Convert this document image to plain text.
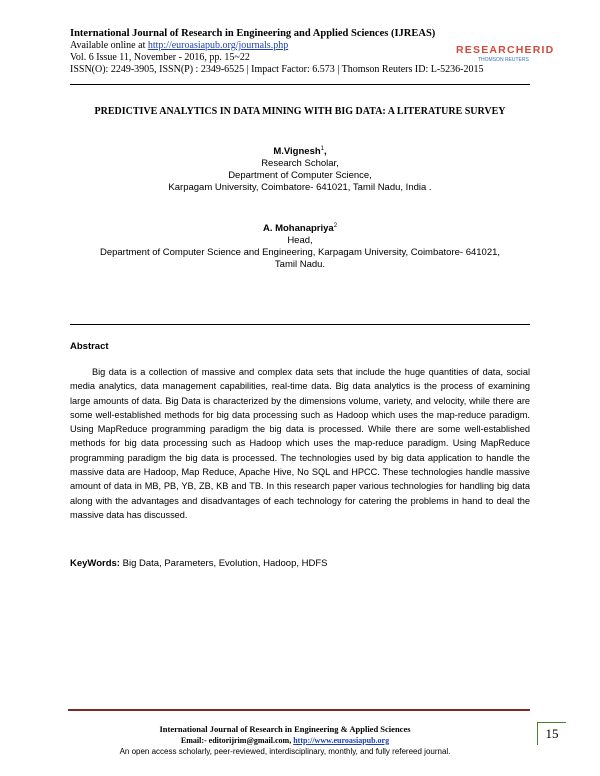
International Journal of Research in Engineering and Applied Sciences (IJREAS)
Available online at http://euroasiapub.org/journals.php
Vol. 6 Issue 11, November - 2016, pp. 15~22
ISSN(O): 2249-3905, ISSN(P) : 2349-6525 | Impact Factor: 6.573 | Thomson Reuters ID: L-5236-2015
RESEARCHERID
THOMSON REUTERS
PREDICTIVE ANALYTICS IN DATA MINING WITH BIG DATA: A LITERATURE SURVEY
M.Vignesh$^1$,
Research Scholar,
Department of Computer Science,
Karpagam University, Coimbatore- 641021, Tamil Nadu, India .
A. Mohanapriya$^2$
Head,
Department of Computer Science and Engineering, Karpagam University, Coimbatore- 641021,
Tamil Nadu.
Abstract

Big data is a collection of massive and complex data sets that include the huge quantities of data, social media analytics, data management capabilities, real-time data. Big data analytics is the process of examining large amounts of data. Big Data is characterized by the dimensions volume, variety, and velocity, while there are some well-established methods for big data processing such as Hadoop which uses the map-reduce paradigm. Using MapReduce programming paradigm the big data is processed. While there are some well-established methods for big data processing such as Hadoop which uses the map-reduce paradigm. Using MapReduce programming paradigm the big data is processed. The technologies used by big data application to handle the massive data are Hadoop, Map Reduce, Apache Hive, No SQL and HPCC. These technologies handle massive amount of data in MB, PB, YB, ZB, KB and TB. In this research paper various technologies for handling big data along with the advantages and disadvantages of each technology for catering the problems in hand to deal the massive data has discussed.

KeyWords: Big Data, Parameters, Evolution, Hadoop, HDFS
15
International Journal of Research in Engineering & Applied Sciences
Email:- editorijrim@gmail.com, http://www.euroasiapub.org
An open access scholarly, peer-reviewed, interdisciplinary, monthly, and fully refereed journal.
